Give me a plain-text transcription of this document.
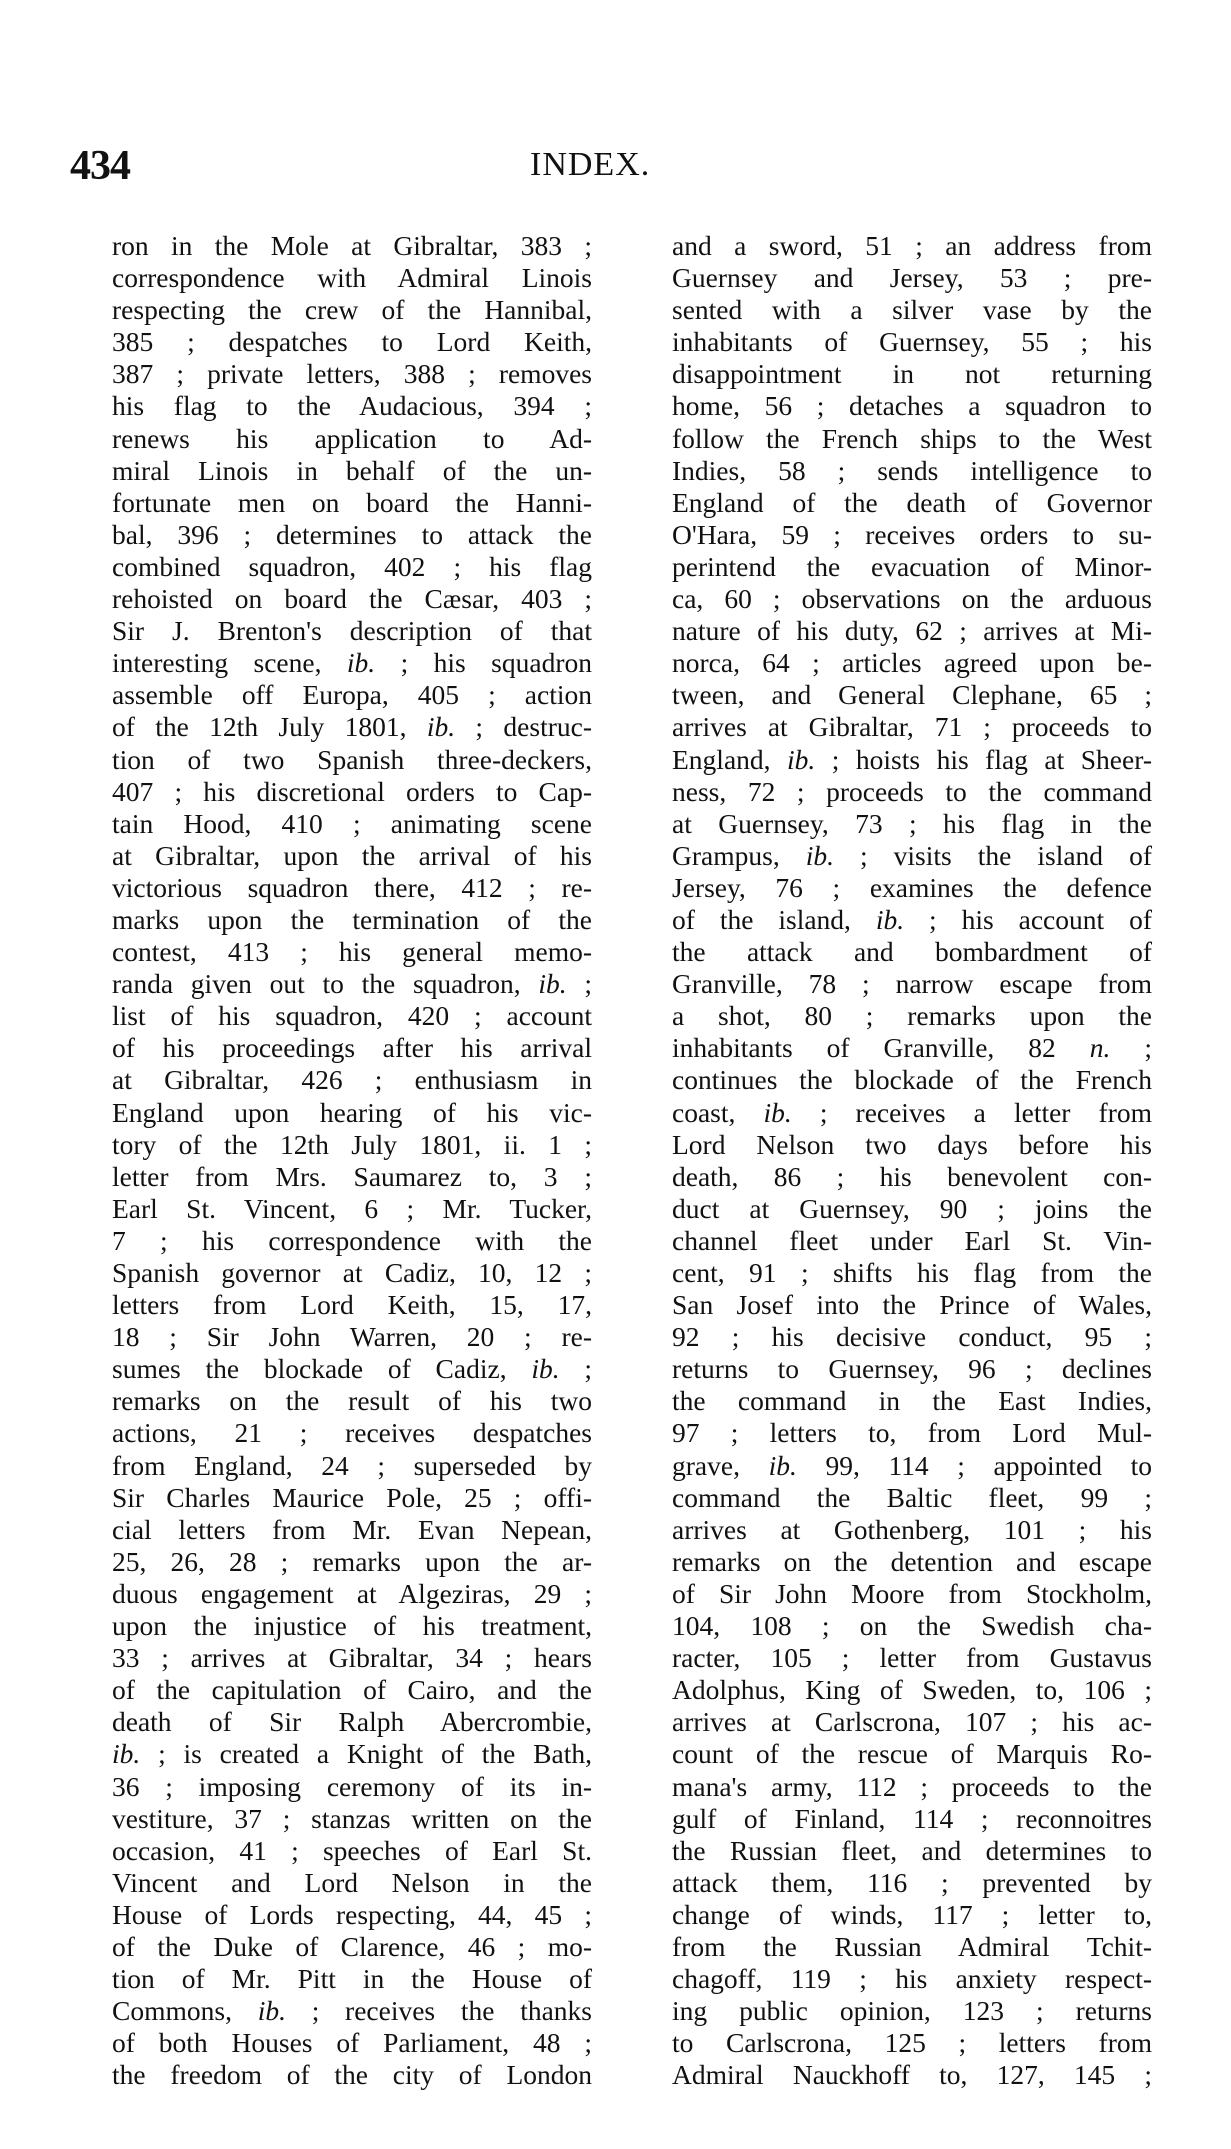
434	INDEX.
ron in the Mole at Gibraltar, 383 ;
correspondence with Admiral Linois
respecting the crew of the Hannibal,
385 ; despatches to Lord Keith,
387 ; private letters, 388 ; removes
his flag to the Audacious, 394 ;
renews his application to Ad-
miral Linois in behalf of the un-
fortunate men on board the Hanni-
bal, 396 ; determines to attack the
combined squadron, 402 ; his flag
rehoisted on board the Cæsar, 403 ;
Sir J. Brenton's description of that
interesting scene, ib. ; his squadron
assemble off Europa, 405 ; action
of the 12th July 1801, ib. ; destruc-
tion of two Spanish three-deckers,
407 ; his discretional orders to Cap-
tain Hood, 410 ; animating scene
at Gibraltar, upon the arrival of his
victorious squadron there, 412 ; re-
marks upon the termination of the
contest, 413 ; his general memo-
randa given out to the squadron, ib. ;
list of his squadron, 420 ; account
of his proceedings after his arrival
at Gibraltar, 426 ; enthusiasm in
England upon hearing of his vic-
tory of the 12th July 1801, ii. 1 ;
letter from Mrs. Saumarez to, 3 ;
Earl St. Vincent, 6 ; Mr. Tucker,
7 ; his correspondence with the
Spanish governor at Cadiz, 10, 12 ;
letters from Lord Keith, 15, 17,
18 ; Sir John Warren, 20 ; re-
sumes the blockade of Cadiz, ib. ;
remarks on the result of his two
actions, 21 ; receives despatches
from England, 24 ; superseded by
Sir Charles Maurice Pole, 25 ; offi-
cial letters from Mr. Evan Nepean,
25, 26, 28 ; remarks upon the ar-
duous engagement at Algeziras, 29 ;
upon the injustice of his treatment,
33 ; arrives at Gibraltar, 34 ; hears
of the capitulation of Cairo, and the
death of Sir Ralph Abercrombie,
ib. ; is created a Knight of the Bath,
36 ; imposing ceremony of its in-
vestiture, 37 ; stanzas written on the
occasion, 41 ; speeches of Earl St.
Vincent and Lord Nelson in the
House of Lords respecting, 44, 45 ;
of the Duke of Clarence, 46 ; mo-
tion of Mr. Pitt in the House of
Commons, ib. ; receives the thanks
of both Houses of Parliament, 48 ;
the freedom of the city of London
and a sword, 51 ; an address from
Guernsey and Jersey, 53 ; pre-
sented with a silver vase by the
inhabitants of Guernsey, 55 ; his
disappointment in not returning
home, 56 ; detaches a squadron to
follow the French ships to the West
Indies, 58 ; sends intelligence to
England of the death of Governor
O'Hara, 59 ; receives orders to su-
perintend the evacuation of Minor-
ca, 60 ; observations on the arduous
nature of his duty, 62 ; arrives at Mi-
norca, 64 ; articles agreed upon be-
tween, and General Clephane, 65 ;
arrives at Gibraltar, 71 ; proceeds to
England, ib. ; hoists his flag at Sheer-
ness, 72 ; proceeds to the command
at Guernsey, 73 ; his flag in the
Grampus, ib. ; visits the island of
Jersey, 76 ; examines the defence
of the island, ib. ; his account of
the attack and bombardment of
Granville, 78 ; narrow escape from
a shot, 80 ; remarks upon the
inhabitants of Granville, 82 n. ;
continues the blockade of the French
coast, ib. ; receives a letter from
Lord Nelson two days before his
death, 86 ; his benevolent con-
duct at Guernsey, 90 ; joins the
channel fleet under Earl St. Vin-
cent, 91 ; shifts his flag from the
San Josef into the Prince of Wales,
92 ; his decisive conduct, 95 ;
returns to Guernsey, 96 ; declines
the command in the East Indies,
97 ; letters to, from Lord Mul-
grave, ib. 99, 114 ; appointed to
command the Baltic fleet, 99 ;
arrives at Gothenberg, 101 ; his
remarks on the detention and escape
of Sir John Moore from Stockholm,
104, 108 ; on the Swedish cha-
racter, 105 ; letter from Gustavus
Adolphus, King of Sweden, to, 106 ;
arrives at Carlscrona, 107 ; his ac-
count of the rescue of Marquis Ro-
mana's army, 112 ; proceeds to the
gulf of Finland, 114 ; reconnoitres
the Russian fleet, and determines to
attack them, 116 ; prevented by
change of winds, 117 ; letter to,
from the Russian Admiral Tchit-
chagoff, 119 ; his anxiety respect-
ing public opinion, 123 ; returns
to Carlscrona, 125 ; letters from
Admiral Nauckhoff to, 127, 145 ;
